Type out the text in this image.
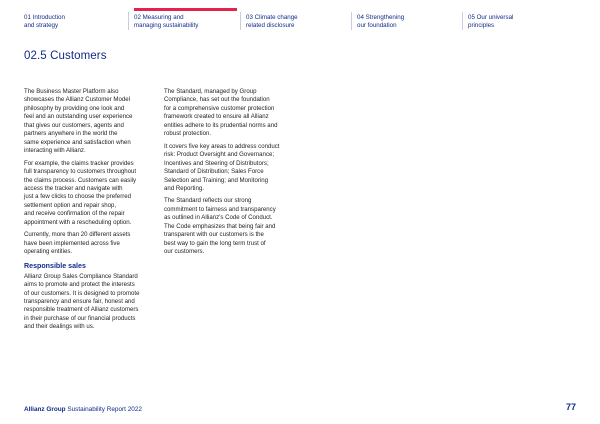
01 Introduction
and strategy
02 Measuring and
managing sustainability
03 Climate change
related disclosure
04 Strengthening
our foundation
05 Our universal
principles
02.5 Customers

The Business Master Platform also
showcases the Allianz Customer Model
philosophy by providing one look and
feel and an outstanding user experience
that gives our customers, agents and
partners anywhere in the world the
same experience and satisfaction when
interacting with Allianz.

For example, the claims tracker provides
full transparency to customers throughout
the claims process. Customers can easily
access the tracker and navigate with
just a few clicks to choose the preferred
settlement option and repair shop,
and receive confirmation of the repair
appointment with a rescheduling option.

Currently, more than 20 different assets
have been implemented across five
operating entities.

Responsible sales

Allianz Group Sales Compliance Standard
aims to promote and protect the interests
of our customers. It is designed to promote
transparency and ensure fair, honest and
responsible treatment of Allianz customers
in their purchase of our financial products
and their dealings with us.

The Standard, managed by Group
Compliance, has set out the foundation
for a comprehensive customer protection
framework created to ensure all Allianz
entities adhere to its prudential norms and
robust protection.

It covers five key areas to address conduct
risk: Product Oversight and Governance;
Incentives and Steering of Distributors;
Standard of Distribution; Sales Force
Selection and Training; and Monitoring
and Reporting.

The Standard reflects our strong
commitment to fairness and transparency
as outlined in Allianz's Code of Conduct.
The Code emphasizes that being fair and
transparent with our customers is the
best way to gain the long term trust of
our customers.

Allianz Group Sustainability Report 2022	77
